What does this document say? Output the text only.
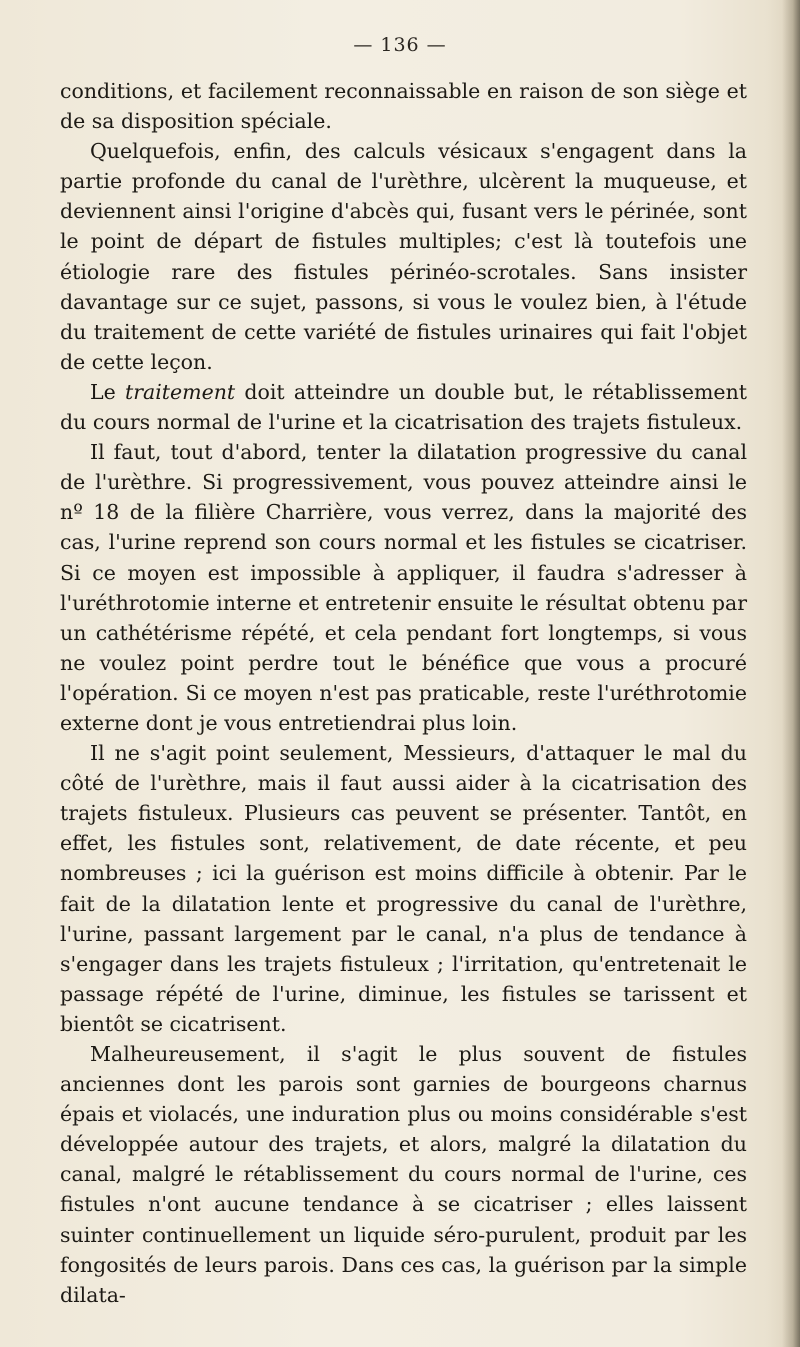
— 136 —

conditions, et facilement reconnaissable en raison de son siège et de sa disposition spéciale.

Quelquefois, enfin, des calculs vésicaux s'engagent dans la partie profonde du canal de l'urèthre, ulcèrent la muqueuse, et deviennent ainsi l'origine d'abcès qui, fusant vers le périnée, sont le point de départ de fistules multiples; c'est là toutefois une étiologie rare des fistules périnéo-scrotales. Sans insister davantage sur ce sujet, passons, si vous le voulez bien, à l'étude du traitement de cette variété de fistules urinaires qui fait l'objet de cette leçon.

Le traitement doit atteindre un double but, le rétablissement du cours normal de l'urine et la cicatrisation des trajets fistuleux.

Il faut, tout d'abord, tenter la dilatation progressive du canal de l'urèthre. Si progressivement, vous pouvez atteindre ainsi le nº 18 de la filière Charrière, vous verrez, dans la majorité des cas, l'urine reprend son cours normal et les fistules se cicatriser. Si ce moyen est impossible à appliquer, il faudra s'adresser à l'uréthrotomie interne et entretenir ensuite le résultat obtenu par un cathétérisme répété, et cela pendant fort longtemps, si vous ne voulez point perdre tout le bénéfice que vous a procuré l'opération. Si ce moyen n'est pas praticable, reste l'uréthrotomie externe dont je vous entretiendrai plus loin.

Il ne s'agit point seulement, Messieurs, d'attaquer le mal du côté de l'urèthre, mais il faut aussi aider à la cicatrisation des trajets fistuleux. Plusieurs cas peuvent se présenter. Tantôt, en effet, les fistules sont, relativement, de date récente, et peu nombreuses ; ici la guérison est moins difficile à obtenir. Par le fait de la dilatation lente et progressive du canal de l'urèthre, l'urine, passant largement par le canal, n'a plus de tendance à s'engager dans les trajets fistuleux ; l'irritation, qu'entretenait le passage répété de l'urine, diminue, les fistules se tarissent et bientôt se cicatrisent.

Malheureusement, il s'agit le plus souvent de fistules anciennes dont les parois sont garnies de bourgeons charnus épais et violacés, une induration plus ou moins considérable s'est développée autour des trajets, et alors, malgré la dilatation du canal, malgré le rétablissement du cours normal de l'urine, ces fistules n'ont aucune tendance à se cicatriser ; elles laissent suinter continuellement un liquide séro-purulent, produit par les fongosités de leurs parois. Dans ces cas, la guérison par la simple dilata-
